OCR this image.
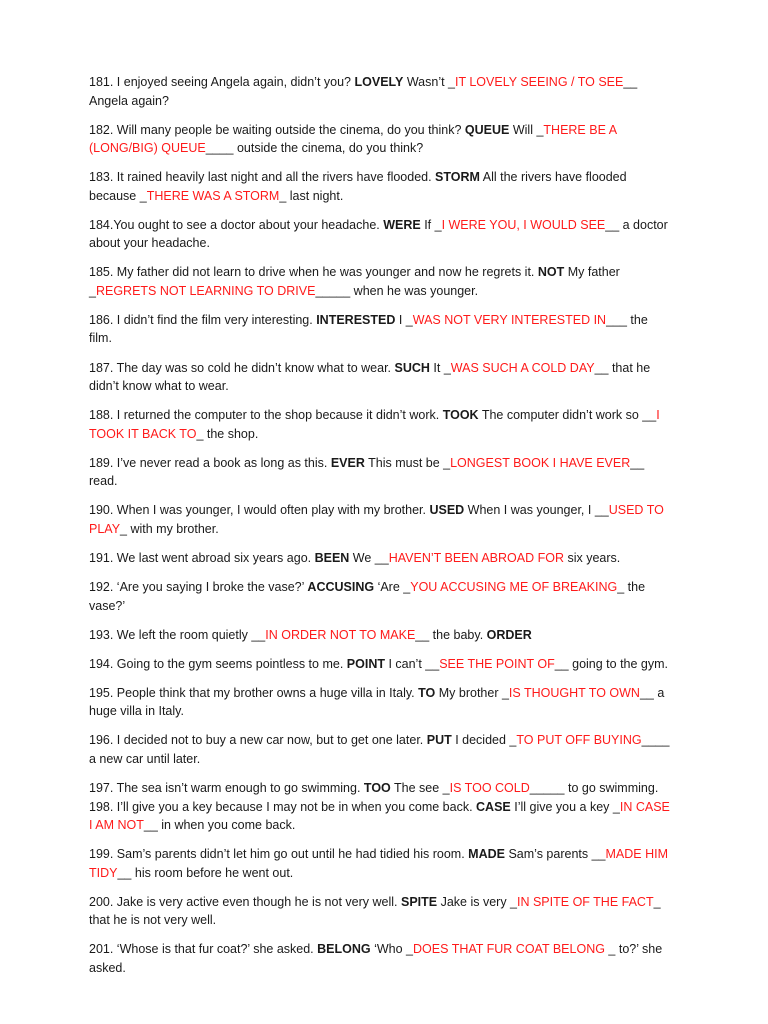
181. I enjoyed seeing Angela again, didn’t you? LOVELY Wasn’t _IT LOVELY SEEING / TO SEE__ Angela again?

182. Will many people be waiting outside the cinema, do you think? QUEUE Will _THERE BE A (LONG/BIG) QUEUE____ outside the cinema, do you think?

183. It rained heavily last night and all the rivers have flooded. STORM All the rivers have flooded because _THERE WAS A STORM_ last night.

184.You ought to see a doctor about your headache. WERE If _I WERE YOU, I WOULD SEE__ a doctor about your headache.

185. My father did not learn to drive when he was younger and now he regrets it. NOT My father _REGRETS NOT LEARNING TO DRIVE_____ when he was younger.

186. I didn’t find the film very interesting. INTERESTED I _WAS NOT VERY INTERESTED IN___ the film.

187. The day was so cold he didn’t know what to wear. SUCH It _WAS SUCH A COLD DAY__ that he didn’t know what to wear.

188. I returned the computer to the shop because it didn’t work. TOOK The computer didn’t work so __I TOOK IT BACK TO_ the shop.

189. I’ve never read a book as long as this. EVER This must be _LONGEST BOOK I HAVE EVER__ read.

190. When I was younger, I would often play with my brother. USED When I was younger, I __USED TO PLAY_ with my brother.

191. We last went abroad six years ago. BEEN We __HAVEN’T BEEN ABROAD FOR six years.

192. ‘Are you saying I broke the vase?’ ACCUSING ‘Are _YOU ACCUSING ME OF BREAKING_ the vase?’

193. We left the room quietly __IN ORDER NOT TO MAKE__ the baby. ORDER

194. Going to the gym seems pointless to me. POINT I can’t __SEE THE POINT OF__ going to the gym.

195. People think that my brother owns a huge villa in Italy. TO My brother _IS THOUGHT TO OWN__ a huge villa in Italy.

196. I decided not to buy a new car now, but to get one later. PUT I decided _TO PUT OFF BUYING____ a new car until later.

197. The sea isn’t warm enough to go swimming. TOO The see _IS TOO COLD_____ to go swimming.

198. I’ll give you a key because I may not be in when you come back. CASE I’ll give you a key _IN CASE I AM NOT__ in when you come back.

199. Sam’s parents didn’t let him go out until he had tidied his room. MADE Sam’s parents __MADE HIM TIDY__ his room before he went out.

200. Jake is very active even though he is not very well. SPITE Jake is very _IN SPITE OF THE FACT_ that he is not very well.

201. ‘Whose is that fur coat?’ she asked. BELONG ‘Who _DOES THAT FUR COAT BELONG _ to?’ she asked.
